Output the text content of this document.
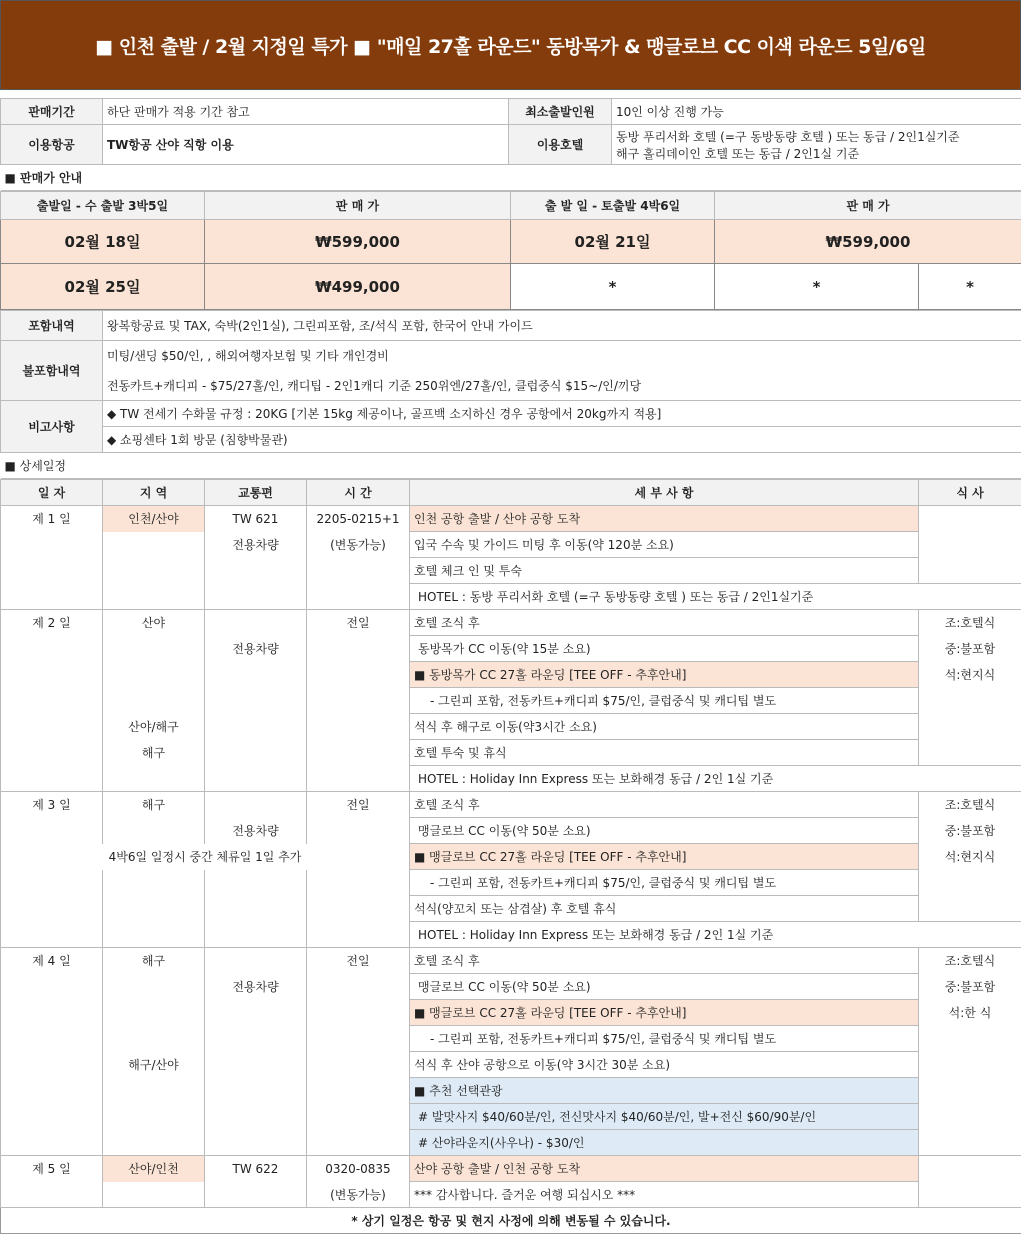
■ 인천 출발 / 2월 지정일 특가 ■ "매일 27홀 라운드" 동방목가 & 맹글로브 CC 이색 라운드 5일/6일
판매기간	하단 판매가 적용 기간 참고	최소출발인원	10인 이상 진행 가능
이용항공	TW항공 산야 직항 이용	이용호텔	동방 푸리서화 호텔 (=구 동방동량 호텔 ) 또는 동급 / 2인1실기준
해구 홀리데이인 호텔 또는 동급 / 2인1실 기준

■ 판매가 안내			
출발일 - 수 출발 3박5일	판 매 가	출 발 일 - 토출발 4박6일	판 매 가	
02월 18일	₩599,000	02월 21일	₩599,000	
02월 25일	₩499,000	*	*	*
포함내역	왕복항공료 및 TAX, 숙박(2인1실), 그린피포함, 조/석식 포함, 한국어 안내 가이드
불포함내역	미팅/샌딩 $50/인, , 해외여행자보험 및 기타 개인경비
	전동카트+캐디피 - $75/27홀/인, 캐디팁 - 2인1캐디 기준 250위엔/27홀/인, 클럽중식 $15~/인/끼당
비고사항	◆ TW 전세기 수화물 규정 : 20KG [기본 15kg 제공이나, 골프백 소지하신 경우 공항에서 20kg까지 적용]
	◆ 쇼핑센타 1회 방문 (침향박물관)
■ 상세일정	
일 자	지 역	교통편	시 간	세 부 사 항	식 사
제 1 일	인천/산야	TW 621	2205-0215+1	인천 공항 출발 / 산야 공항 도착	
		전용차량	(변동가능)	입국 수속 및 가이드 미팅 후 이동(약 120분 소요)	
				호텔 체크 인 및 투숙	
				HOTEL : 동방 푸리서화 호텔 (=구 동방동량 호텔 ) 또는 동급 / 2인1실기준	
제 2 일	산야		전일	호텔 조식 후	조:호텔식
		전용차량		동방목가 CC 이동(약 15분 소요)	중:불포함
				■ 동방목가 CC 27홀 라운딩 [TEE OFF - 추후안내]	석:현지식
				- 그린피 포함, 전동카트+캐디피 $75/인, 클럽중식 및 캐디팁 별도	
	산야/해구			석식 후 해구로 이동(약3시간 소요)	
	해구			호텔 투숙 및 휴식	
				HOTEL : Holiday Inn Express 또는 보화해경 동급 / 2인 1실 기준	
제 3 일	해구		전일	호텔 조식 후	조:호텔식
		전용차량		맹글로브 CC 이동(약 50분 소요)	중:불포함
4박6일 일정시 중간 체류일 1일 추가				■ 맹글로브 CC 27홀 라운딩 [TEE OFF - 추후안내]	석:현지식
				- 그린피 포함, 전동카트+캐디피 $75/인, 클럽중식 및 캐디팁 별도	
				석식(양꼬치 또는 삼겹살) 후 호텔 휴식	
				HOTEL : Holiday Inn Express 또는 보화해경 동급 / 2인 1실 기준	
제 4 일	해구		전일	호텔 조식 후	조:호텔식
		전용차량		맹글로브 CC 이동(약 50분 소요)	중:불포함
				■ 맹글로브 CC 27홀 라운딩 [TEE OFF - 추후안내]	석:한 식
				- 그린피 포함, 전동카트+캐디피 $75/인, 클럽중식 및 캐디팁 별도	
	해구/산야			석식 후 산야 공항으로 이동(약 3시간 30분 소요)	
				■ 추천 선택관광	
				# 발맛사지 $40/60분/인, 전신맛사지 $40/60분/인, 발+전신 $60/90분/인	
				# 산야라운지(사우나) - $30/인	
제 5 일	산야/인천	TW 622	0320-0835	산야 공항 출발 / 인천 공항 도착	
			(변동가능)	*** 감사합니다. 즐거운 여행 되십시오 ***	
* 상기 일정은 항공 및 현지 사정에 의해 변동될 수 있습니다.					
